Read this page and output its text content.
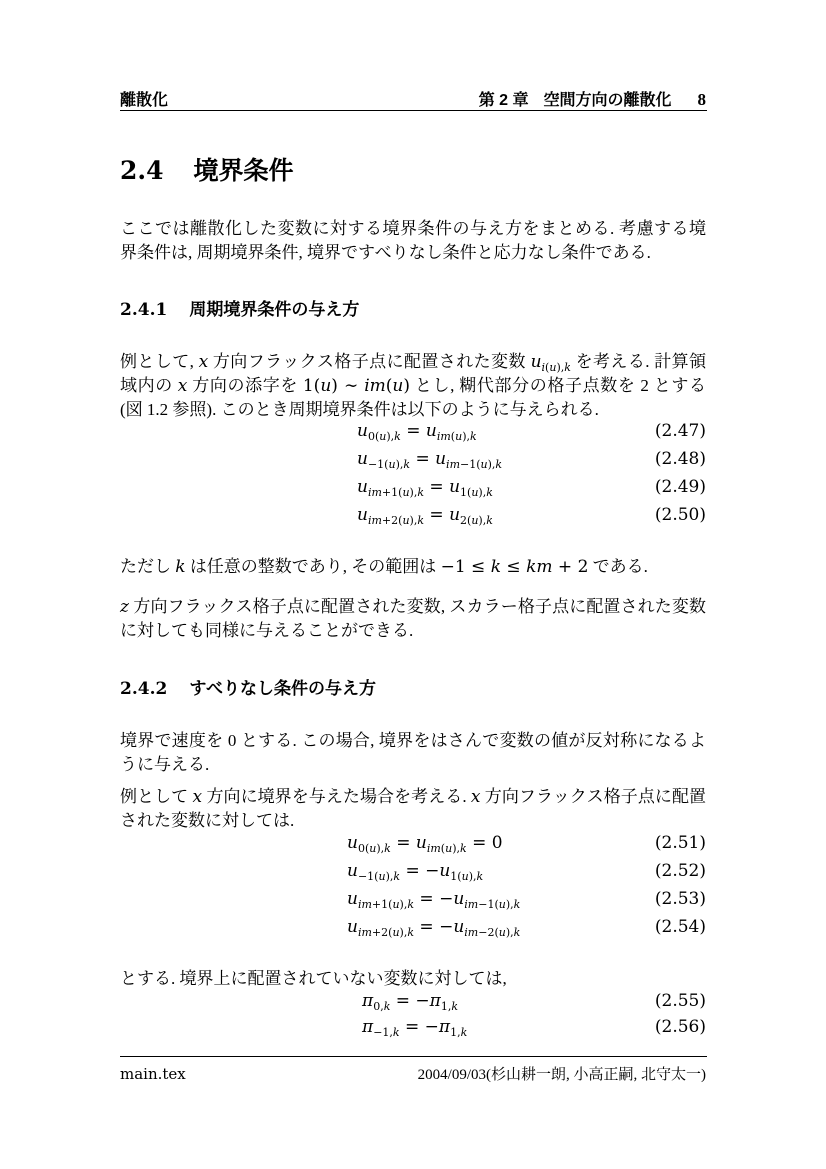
離散化	第 2 章 空間方向の離散化 8
2.4 境界条件

ここでは離散化した変数に対する境界条件の与え方をまとめる. 考慮する境界条件は, 周期境界条件, 境界ですべりなし条件と応力なし条件である.

2.4.1 周期境界条件の与え方

例として, x 方向フラックス格子点に配置された変数 $u_{i(u),k}$ を考える. 計算領域内の x 方向の添字を 1(u) ∼ im(u) とし, 糊代部分の格子点数を 2 とする (図 1.2 参照). このとき周期境界条件は以下のように与えられる.

$u_{0(u),k} = u_{im(u),k}$	(2.47)
$u_{-1(u),k} = u_{im-1(u),k}$	(2.48)
$u_{im+1(u),k} = u_{1(u),k}$	(2.49)
$u_{im+2(u),k} = u_{2(u),k}$	(2.50)

ただし k は任意の整数であり, その範囲は −1 ≤ k ≤ km + 2 である.

z 方向フラックス格子点に配置された変数, スカラー格子点に配置された変数に対しても同様に与えることができる.

2.4.2 すべりなし条件の与え方

境界で速度を 0 とする. この場合, 境界をはさんで変数の値が反対称になるように与える.

例として x 方向に境界を与えた場合を考える. x 方向フラックス格子点に配置された変数に対しては.

$u_{0(u),k} = u_{im(u),k} = 0$	(2.51)
$u_{-1(u),k} = -u_{1(u),k}$	(2.52)
$u_{im+1(u),k} = -u_{im-1(u),k}$	(2.53)
$u_{im+2(u),k} = -u_{im-2(u),k}$	(2.54)

とする. 境界上に配置されていない変数に対しては,

$\pi_{0,k} = -\pi_{1,k}$	(2.55)
$\pi_{-1,k} = -\pi_{1,k}$	(2.56)
main.tex	2004/09/03(杉山耕一朗, 小高正嗣, 北守太一)
